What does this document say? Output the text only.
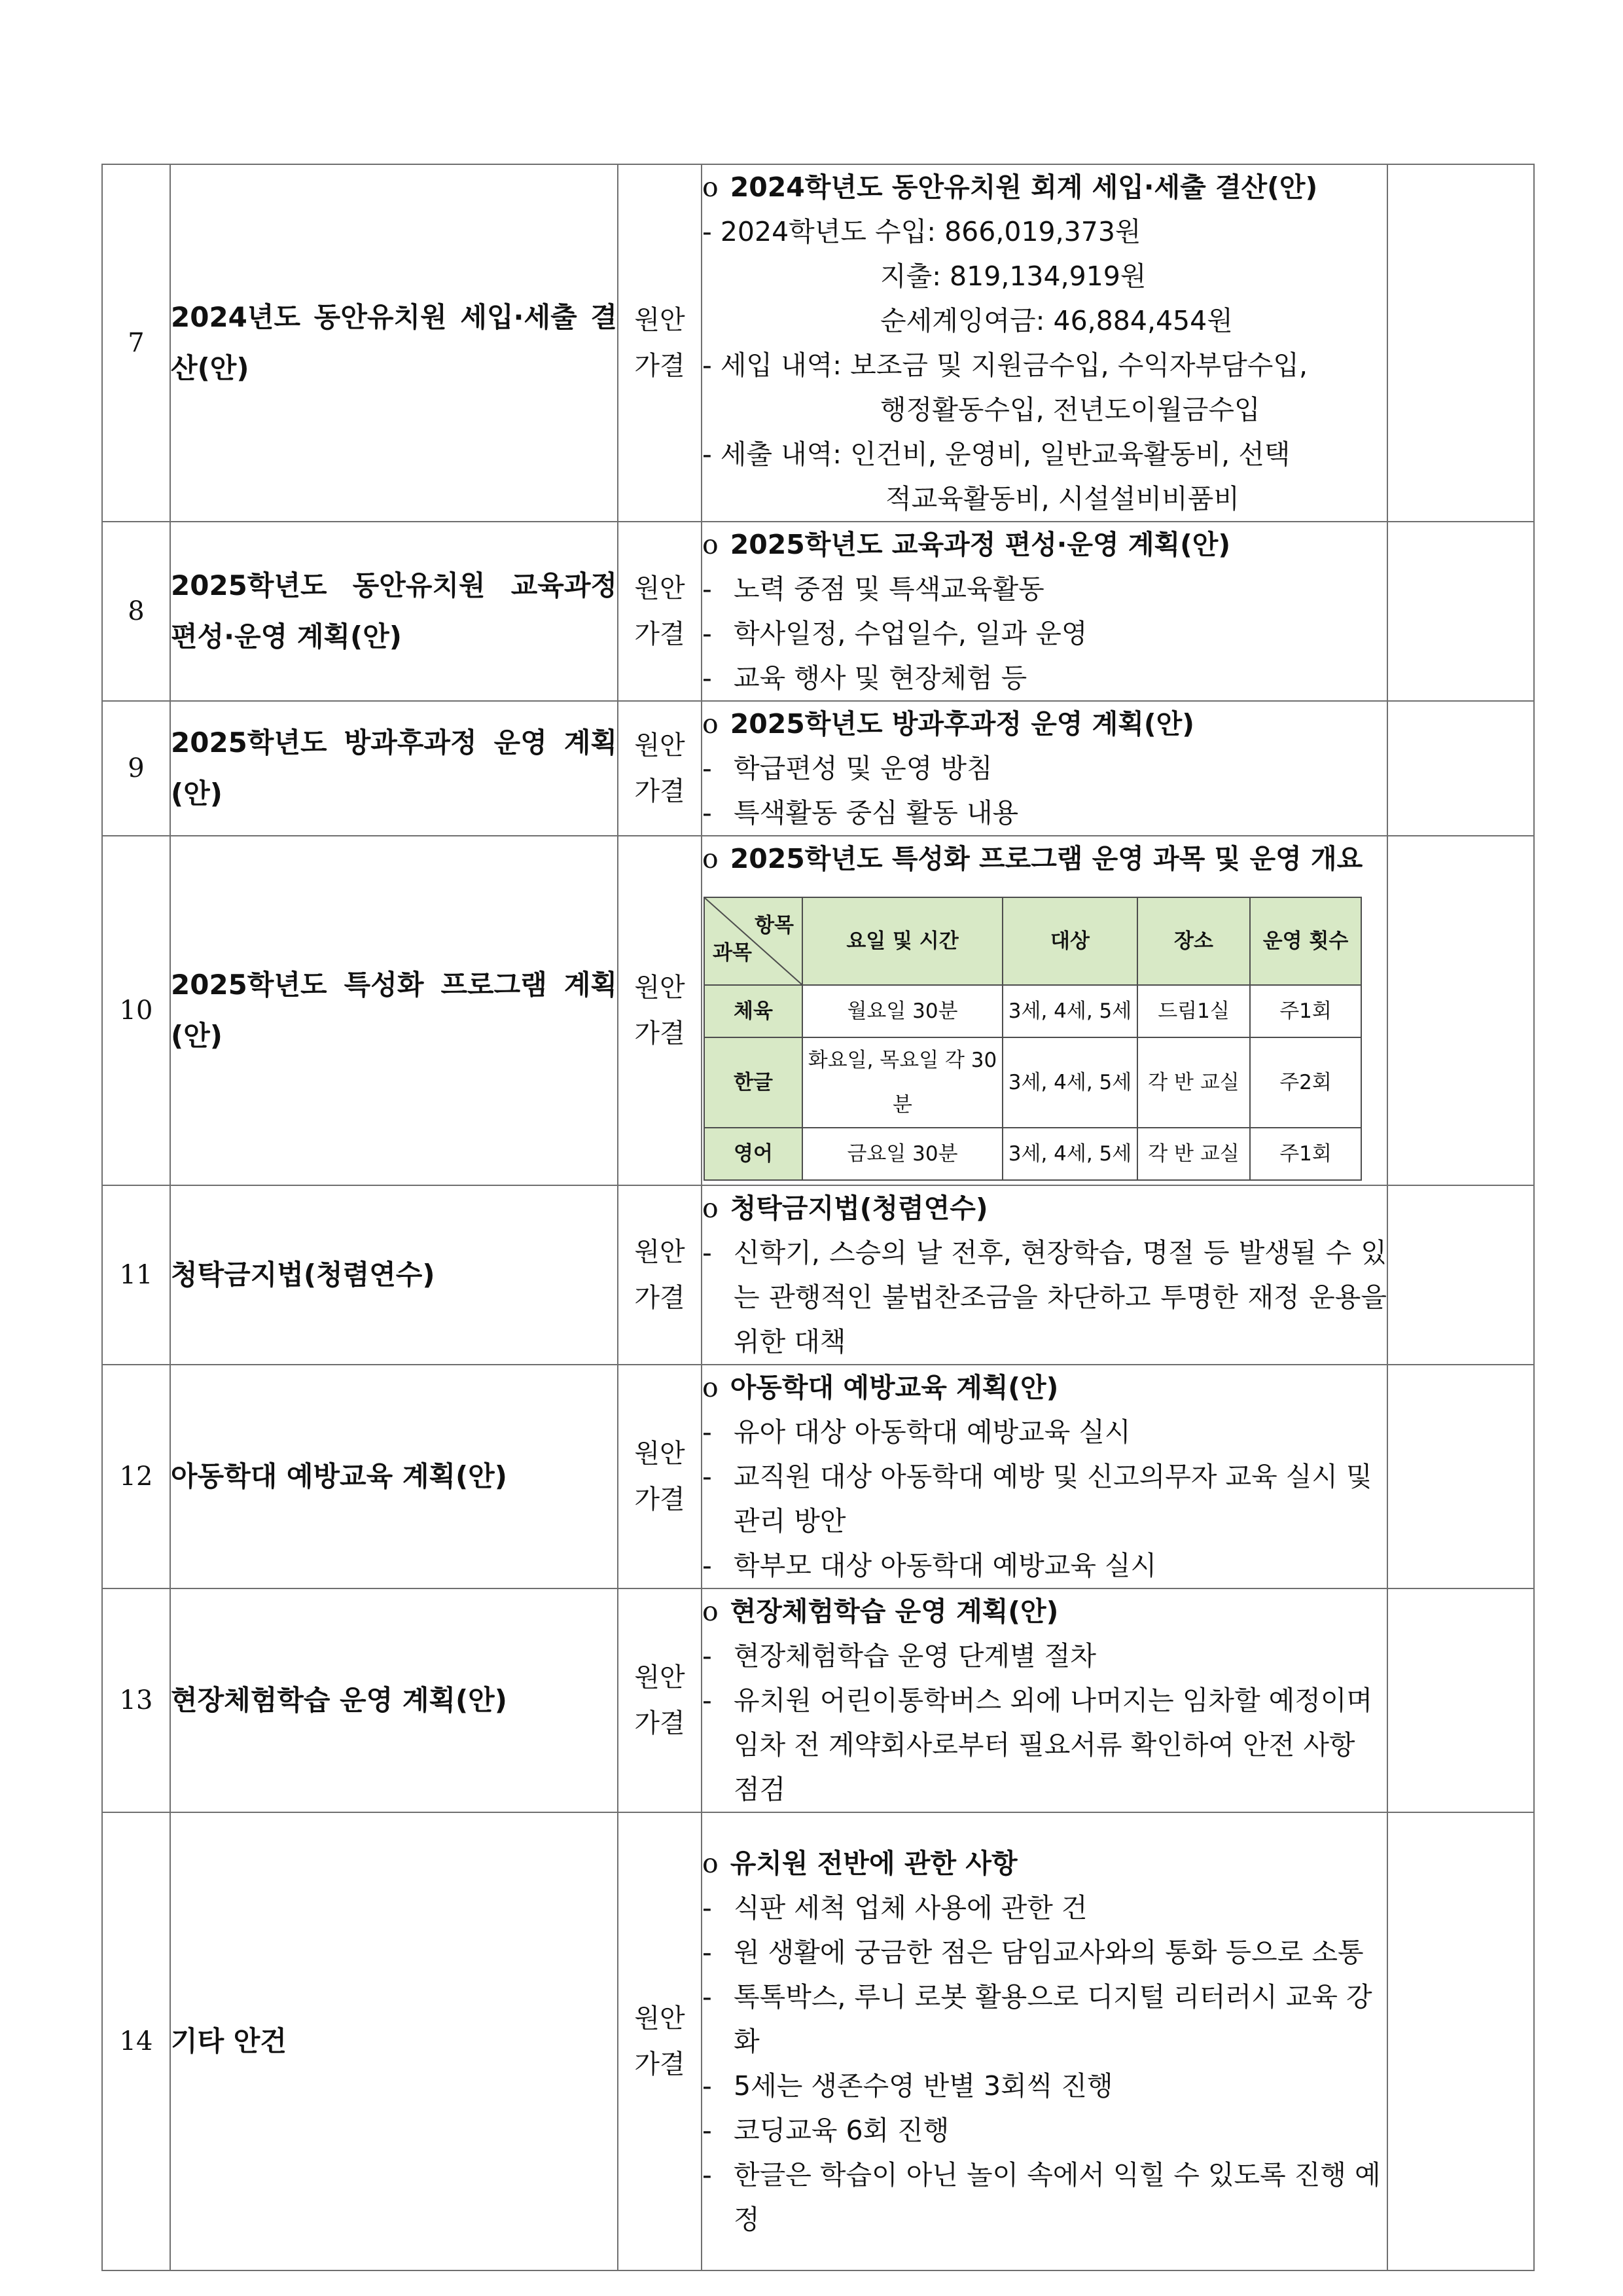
7	2024년도 동안유치원 세입·세출 결산(안)	원안 가결	
o 2024학년도 동안유치원 회계 세입·세출 결산(안)
- 2024학년도 수입: 866,019,373원
지출: 819,134,919원
순세계잉여금: 46,884,454원
- 세입 내역: 보조금 및 지원금수입, 수익자부담수입,
행정활동수입, 전년도이월금수입
- 세출 내역: 인건비, 운영비, 일반교육활동비, 선택
적교육활동비, 시설설비비품비

8	2025학년도 동안유치원 교육과정 편성·운영 계획(안)	원안 가결	
o 2025학년도 교육과정 편성·운영 계획(안)
- 노력 중점 및 특색교육활동
- 학사일정, 수업일수, 일과 운영
- 교육 행사 및 현장체험 등

9	2025학년도 방과후과정 운영 계획(안)	원안 가결	
o 2025학년도 방과후과정 운영 계획(안)
- 학급편성 및 운영 방침
- 특색활동 중심 활동 내용

10	2025학년도 특성화 프로그램 계획(안)	원안 가결	
o 2025학년도 특성화 프로그램 운영 과목 및 운영 개요
항목
과목	요일 및 시간	대상	장소	운영 횟수
체육	월요일 30분	3세, 4세, 5세	드림1실	주1회
한글	화요일, 목요일 각 30분	3세, 4세, 5세	각 반 교실	주2회
영어	금요일 30분	3세, 4세, 5세	각 반 교실	주1회

11	청탁금지법(청렴연수)	원안 가결	
o 청탁금지법(청렴연수)
- 신학기, 스승의 날 전후, 현장학습, 명절 등 발생될 수 있는 관행적인 불법찬조금을 차단하고 투명한 재정 운용을 위한 대책

12	아동학대 예방교육 계획(안)	원안 가결	
o 아동학대 예방교육 계획(안)
- 유아 대상 아동학대 예방교육 실시
- 교직원 대상 아동학대 예방 및 신고의무자 교육 실시 및 관리 방안
- 학부모 대상 아동학대 예방교육 실시

13	현장체험학습 운영 계획(안)	원안 가결	
o 현장체험학습 운영 계획(안)
- 현장체험학습 운영 단계별 절차
- 유치원 어린이통학버스 외에 나머지는 임차할 예정이며 임차 전 계약회사로부터 필요서류 확인하여 안전 사항 점검

14	기타 안건	원안 가결	
o 유치원 전반에 관한 사항
- 식판 세척 업체 사용에 관한 건
- 원 생활에 궁금한 점은 담임교사와의 통화 등으로 소통
- 톡톡박스, 루니 로봇 활용으로 디지털 리터러시 교육 강화
- 5세는 생존수영 반별 3회씩 진행
- 코딩교육 6회 진행
- 한글은 학습이 아닌 놀이 속에서 익힐 수 있도록 진행 예정
